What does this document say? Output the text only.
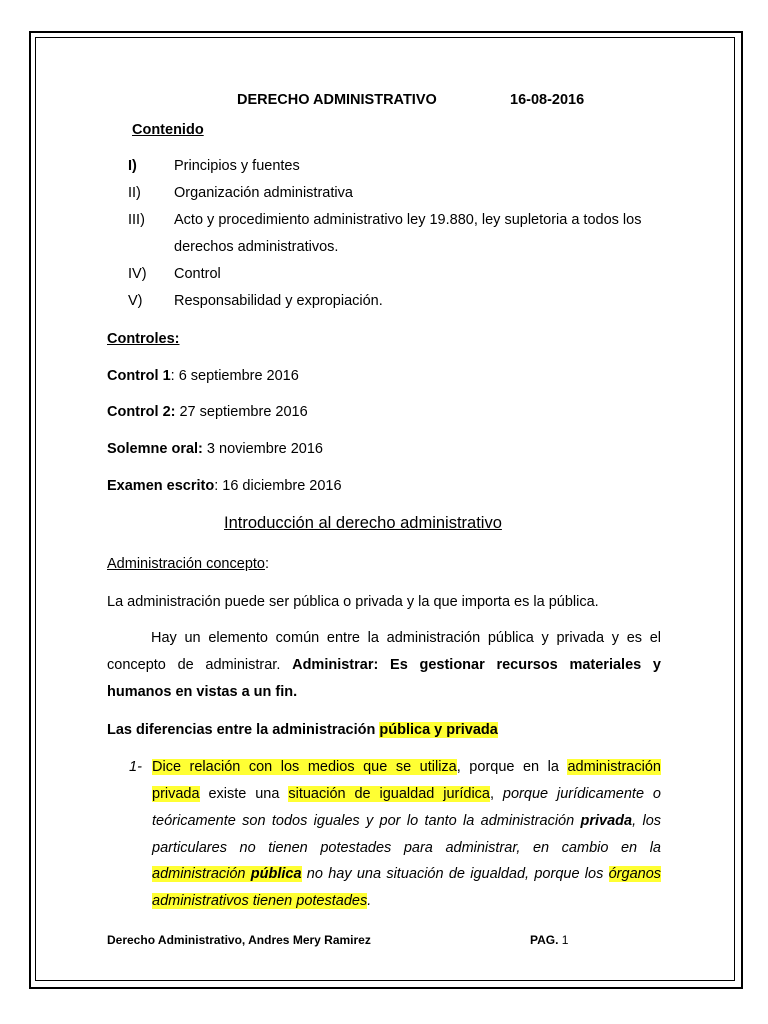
DERECHO ADMINISTRATIVO	16-08-2016
Contenido
I)	Principios y fuentes
II) Organización administrativa
III) Acto y procedimiento administrativo ley 19.880, ley supletoria a todos los
derechos administrativos.
IV) Control
V) Responsabilidad y expropiación.
Controles:
Control 1: 6 septiembre 2016
Control 2: 27 septiembre 2016
Solemne oral: 3 noviembre 2016
Examen escrito: 16 diciembre 2016
Introducción al derecho administrativo
Administración concepto:
La administración puede ser pública o privada y la que importa es la pública.
Hay un elemento común entre la administración pública y privada y es el
concepto de administrar. Administrar: Es gestionar recursos materiales y
humanos en vistas a un fin.
Las diferencias entre la administración pública y privada
1- Dice relación con los medios que se utiliza, porque en la administración
privada existe una situación de igualdad jurídica, porque jurídicamente o
teóricamente son todos iguales y por lo tanto la administración privada, los
particulares no tienen potestades para administrar, en cambio en la
administración pública no hay una situación de igualdad, porque los órganos
administrativos tienen potestades.
Derecho Administrativo, Andres Mery Ramirez	PAG. 1
